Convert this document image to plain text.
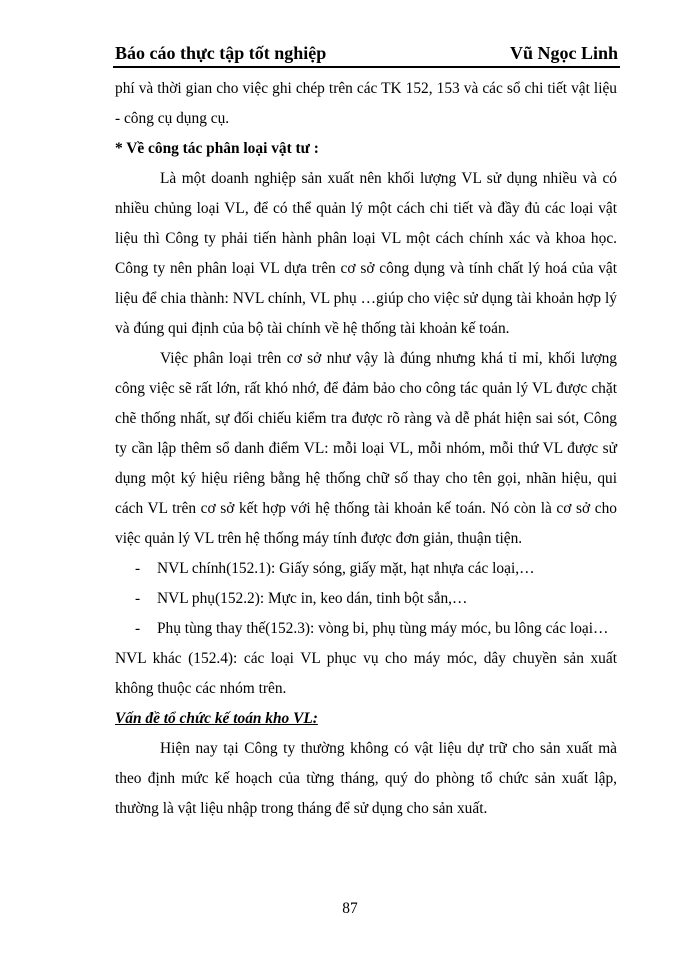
Báo cáo thực tập tốt nghiệp	Vũ Ngọc Linh

phí và thời gian cho việc ghi chép trên các TK 152, 153 và các sổ chi tiết vật liệu - công cụ dụng cụ.

* Về công tác phân loại vật tư :

Là một doanh nghiệp sản xuất nên khối lượng VL sử dụng nhiều và có nhiều chủng loại VL, để có thể quản lý một cách chi tiết và đầy đủ các loại vật liệu thì Công ty phải tiến hành phân loại VL một cách chính xác và khoa học. Công ty nên phân loại VL dựa trên cơ sở công dụng và tính chất lý hoá của vật liệu để chia thành: NVL chính, VL phụ …giúp cho việc sử dụng tài khoản hợp lý và đúng qui định của bộ tài chính về hệ thống tài khoản kế toán.

Việc phân loại trên cơ sở như vậy là đúng nhưng khá tỉ mỉ, khối lượng công việc sẽ rất lớn, rất khó nhớ, để đảm bảo cho công tác quản lý VL được chặt chẽ thống nhất, sự đối chiếu kiểm tra được rõ ràng và dễ phát hiện sai sót, Công ty cần lập thêm sổ danh điểm VL: mỗi loại VL, mỗi nhóm, mỗi thứ VL được sử dụng một ký hiệu riêng bằng hệ thống chữ số thay cho tên gọi, nhãn hiệu, qui cách VL trên cơ sở kết hợp với hệ thống tài khoản kế toán. Nó còn là cơ sở cho việc quản lý VL trên hệ thống máy tính được đơn giản, thuận tiện.

- NVL chính(152.1): Giấy sóng, giấy mặt, hạt nhựa các loại,…
- NVL phụ(152.2): Mực in, keo dán, tinh bột sắn,…
- Phụ tùng thay thế(152.3): vòng bi, phụ tùng máy móc, bu lông các loại…

NVL khác (152.4): các loại VL phục vụ cho máy móc, dây chuyền sản xuất không thuộc các nhóm trên.

Vấn đề tổ chức kế toán kho VL:

Hiện nay tại Công ty thường không có vật liệu dự trữ cho sản xuất mà theo định mức kế hoạch của từng tháng, quý do phòng tổ chức sản xuất lập, thường là vật liệu nhập trong tháng để sử dụng cho sản xuất.

87
